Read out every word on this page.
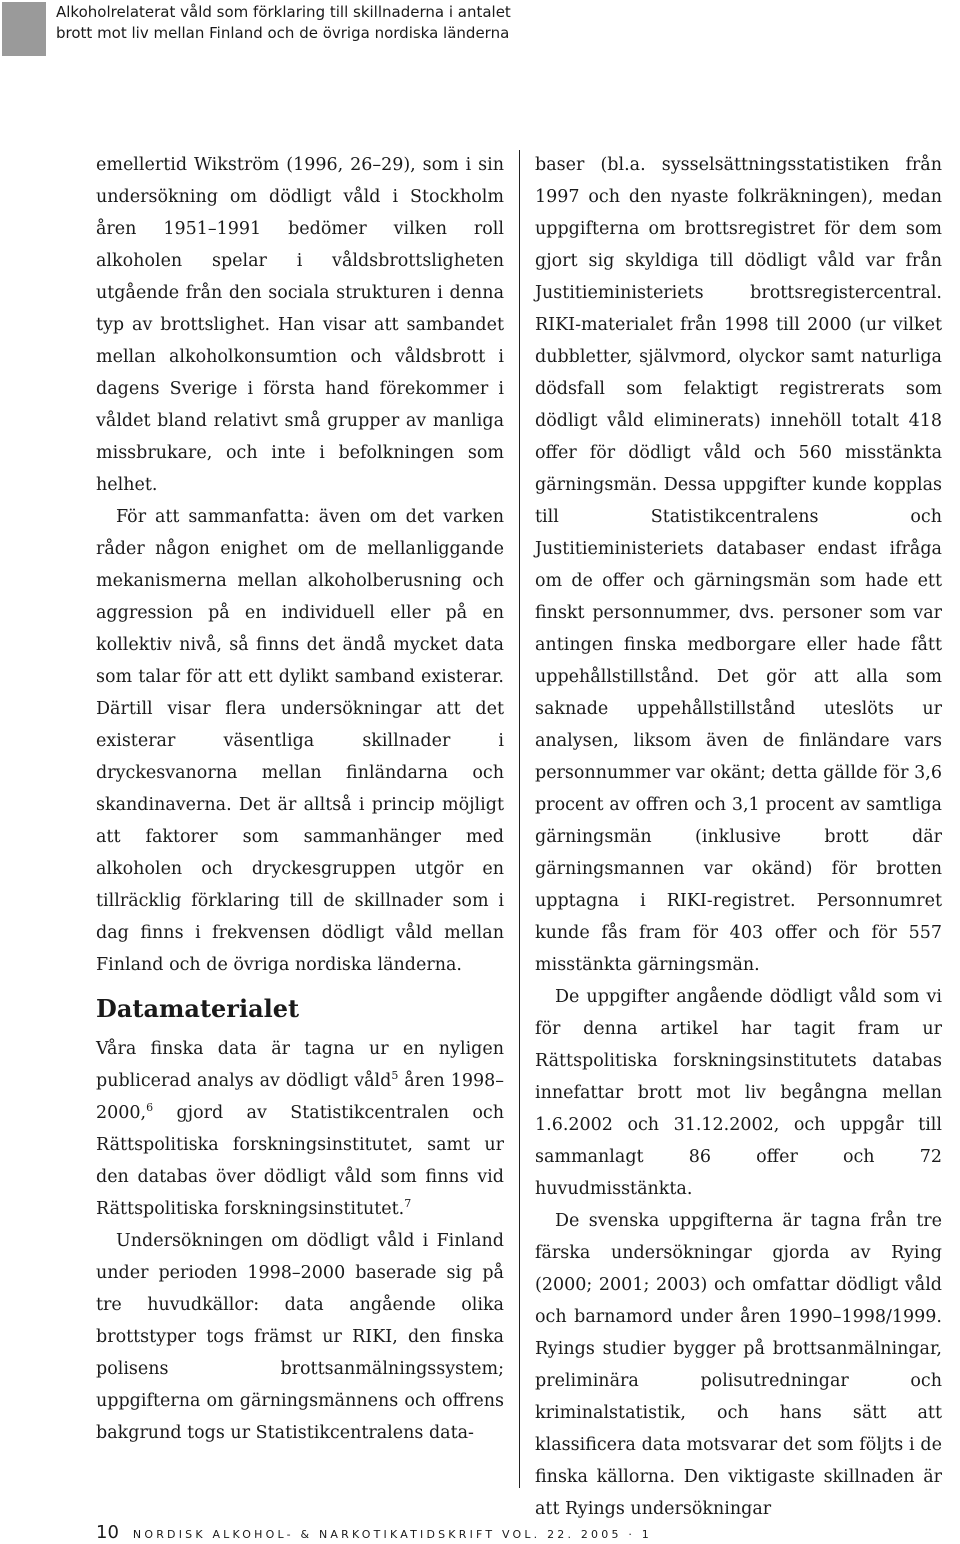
Alkoholrelaterat våld som förklaring till skillnaderna i antalet
brott mot liv mellan Finland och de övriga nordiska länderna

emellertid Wikström (1996, 26–29), som i sin undersökning om dödligt våld i Stockholm åren 1951–1991 bedömer vilken roll alkoholen spelar i våldsbrottsligheten utgående från den sociala strukturen i denna typ av brottslighet. Han visar att sambandet mellan alkoholkonsumtion och våldsbrott i dagens Sverige i första hand förekommer i våldet bland relativt små grupper av manliga missbrukare, och inte i befolkningen som helhet.

För att sammanfatta: även om det varken råder någon enighet om de mellanliggande mekanismerna mellan alkoholberusning och aggression på en individuell eller på en kollektiv nivå, så finns det ändå mycket data som talar för att ett dylikt samband existerar. Därtill visar flera undersökningar att det existerar väsentliga skillnader i dryckesvanorna mellan finländarna och skandinaverna. Det är alltså i princip möjligt att faktorer som sammanhänger med alkoholen och dryckesgruppen utgör en tillräcklig förklaring till de skillnader som i dag finns i frekvensen dödligt våld mellan Finland och de övriga nordiska länderna.

Datamaterialet

Våra finska data är tagna ur en nyligen publicerad analys av dödligt våld$^5$ åren 1998–2000,$^6$ gjord av Statistikcentralen och Rättspolitiska forskningsinstitutet, samt ur den databas över dödligt våld som finns vid Rättspolitiska forskningsinstitutet.$^7$

Undersökningen om dödligt våld i Finland under perioden 1998–2000 baserade sig på tre huvudkällor: data angående olika brottstyper togs främst ur RIKI, den finska polisens brottsanmälningssystem; uppgifterna om gärningsmännens och offrens bakgrund togs ur Statistikcentralens data-

baser (bl.a. sysselsättningsstatistiken från 1997 och den nyaste folkräkningen), medan uppgifterna om brottsregistret för dem som gjort sig skyldiga till dödligt våld var från Justitieministeriets brottsregistercentral. RIKI-materialet från 1998 till 2000 (ur vilket dubbletter, självmord, olyckor samt naturliga dödsfall som felaktigt registrerats som dödligt våld eliminerats) innehöll totalt 418 offer för dödligt våld och 560 misstänkta gärningsmän. Dessa uppgifter kunde kopplas till Statistikcentralens och Justitieministeriets databaser endast ifråga om de offer och gärningsmän som hade ett finskt personnummer, dvs. personer som var antingen finska medborgare eller hade fått uppehållstillstånd. Det gör att alla som saknade uppehållstillstånd uteslöts ur analysen, liksom även de finländare vars personnummer var okänt; detta gällde för 3,6 procent av offren och 3,1 procent av samtliga gärningsmän (inklusive brott där gärningsmannen var okänd) för brotten upptagna i RIKI-registret. Personnumret kunde fås fram för 403 offer och för 557 misstänkta gärningsmän.

De uppgifter angående dödligt våld som vi för denna artikel har tagit fram ur Rättspolitiska forskningsinstitutets databas innefattar brott mot liv begångna mellan 1.6.2002 och 31.12.2002, och uppgår till sammanlagt 86 offer och 72 huvudmisstänkta.

De svenska uppgifterna är tagna från tre färska undersökningar gjorda av Rying (2000; 2001; 2003) och omfattar dödligt våld och barnamord under åren 1990–1998/1999. Ryings studier bygger på brottsanmälningar, preliminära polisutredningar och kriminalstatistik, och hans sätt att klassificera data motsvarar det som följts i de finska källorna. Den viktigaste skillnaden är att Ryings undersökningar

10 NORDISK ALKOHOL- & NARKOTIKATIDSKRIFT VOL. 22. 2005 · 1
